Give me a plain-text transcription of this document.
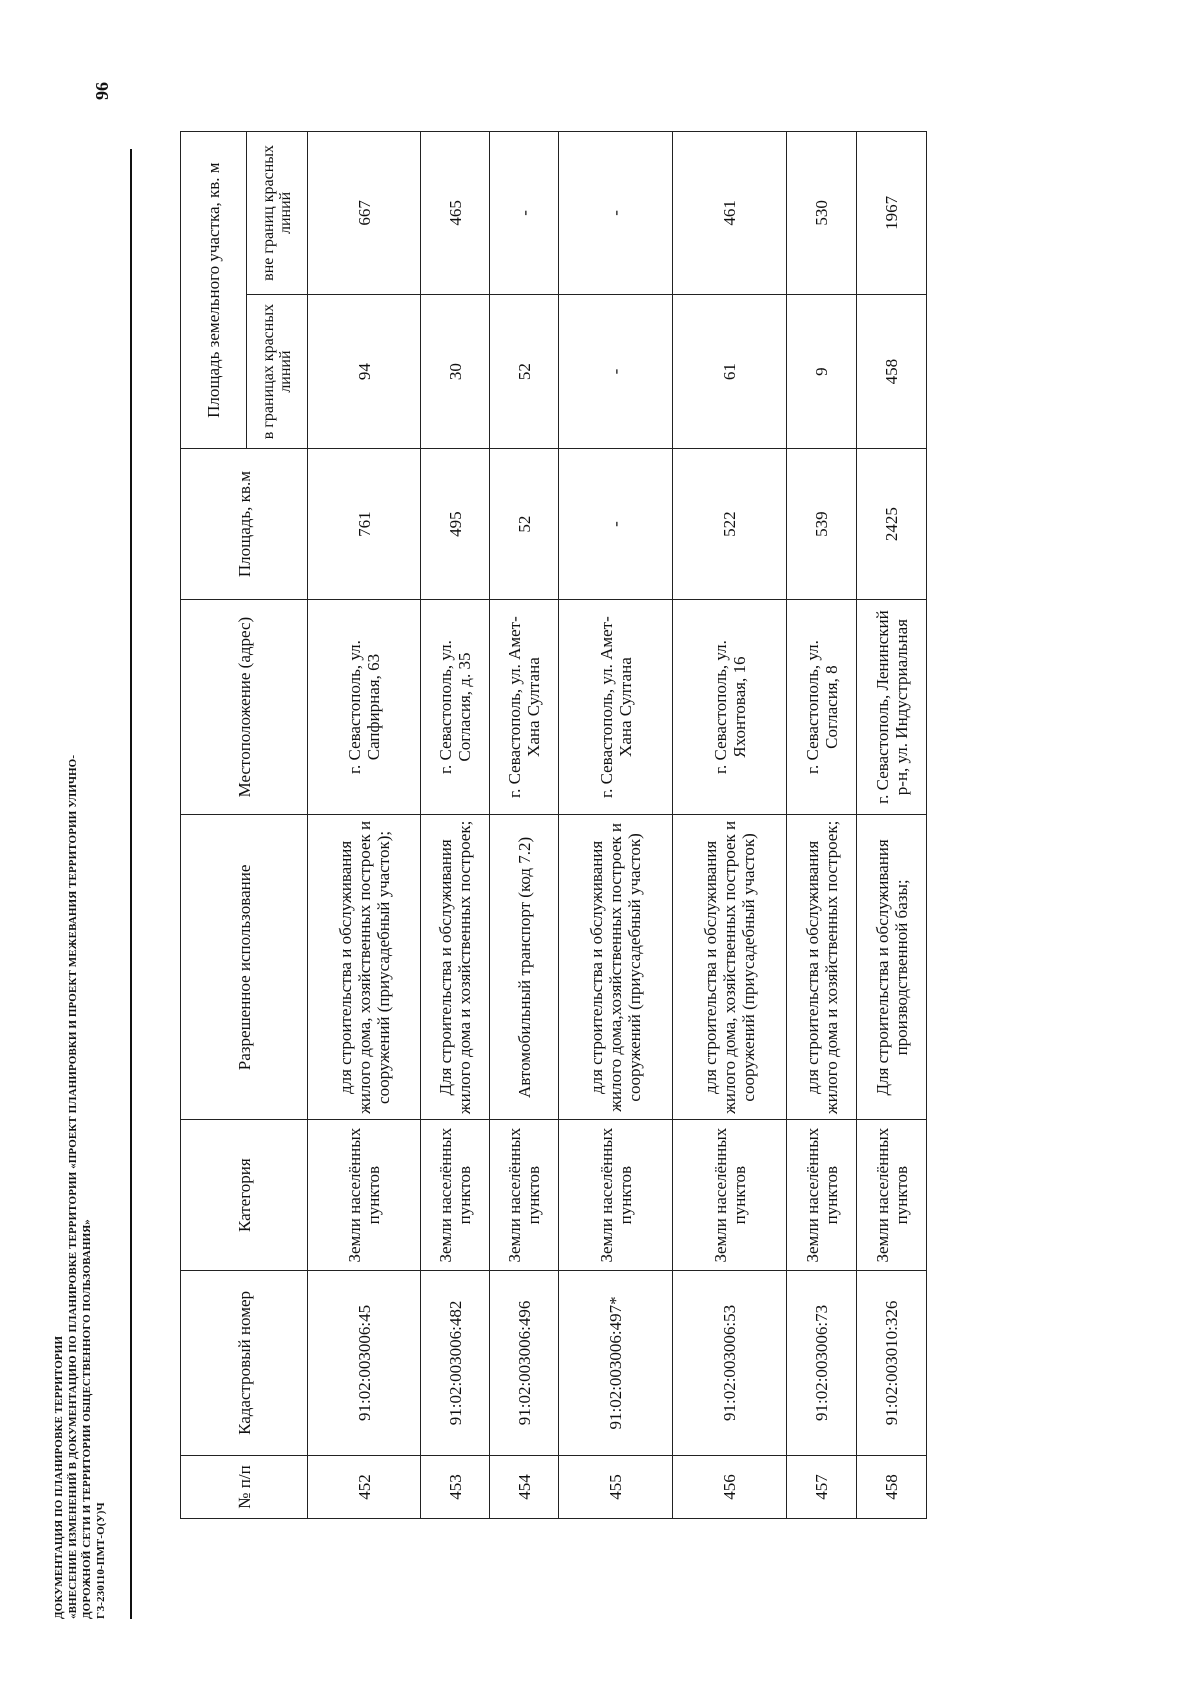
ДОКУМЕНТАЦИЯ ПО ПЛАНИРОВКЕ ТЕРРИТОРИИ «ВНЕСЕНИЕ ИЗМЕНЕНИЙ В ДОКУМЕНТАЦИЮ ПО ПЛАНИРОВКЕ ТЕРРИТОРИИ «ПРОЕКТ ПЛАНИРОВКИ И ПРОЕКТ МЕЖЕВАНИЯ ТЕРРИТОРИИ УЛИЧНО- ДОРОЖНОЙ СЕТИ И ТЕРРИТОРИИ ОБЩЕСТВЕННОГО ПОЛЬЗОВАНИЯ» ГЗ-230110-ПМТ-О(У)Ч
96
№ п/п	Кадастровый номер	Категория	Разрешенное использование	Местоположение (адрес)	Площадь, кв.м	Площадь земельного участка, кв. м	
						в границах красных линий	вне границ красных линий
452	91:02:003006:45	Земли населённых пунктов	для строительства и обслуживания жилого дома, хозяйственных построек и сооружений (приусадебный участок);	г. Севастополь, ул. Сапфирная, 63	761	94	667
453	91:02:003006:482	Земли населённых пунктов	Для строительства и обслуживания жилого дома и хозяйственных построек;	г. Севастополь, ул. Согласия, д. 35	495	30	465
454	91:02:003006:496	Земли населённых пунктов	Автомобильный транспорт (код 7.2)	г. Севастополь, ул. Амет-Хана Султана	52	52	-
455	91:02:003006:497*	Земли населённых пунктов	для строительства и обслуживания жилого дома,хозяйственных построек и сооружений (приусадебный участок)	г. Севастополь, ул. Амет-Хана Султана	-	-	-
456	91:02:003006:53	Земли населённых пунктов	для строительства и обслуживания жилого дома, хозяйственных построек и сооружений (приусадебный участок)	г. Севастополь, ул. Яхонтовая, 16	522	61	461
457	91:02:003006:73	Земли населённых пунктов	для строительства и обслуживания жилого дома и хозяйственных построек;	г. Севастополь, ул. Согласия, 8	539	9	530
458	91:02:003010:326	Земли населённых пунктов	Для строительства и обслуживания производственной базы;	г. Севастополь, Ленинский р-н, ул. Индустриальная	2425	458	1967
